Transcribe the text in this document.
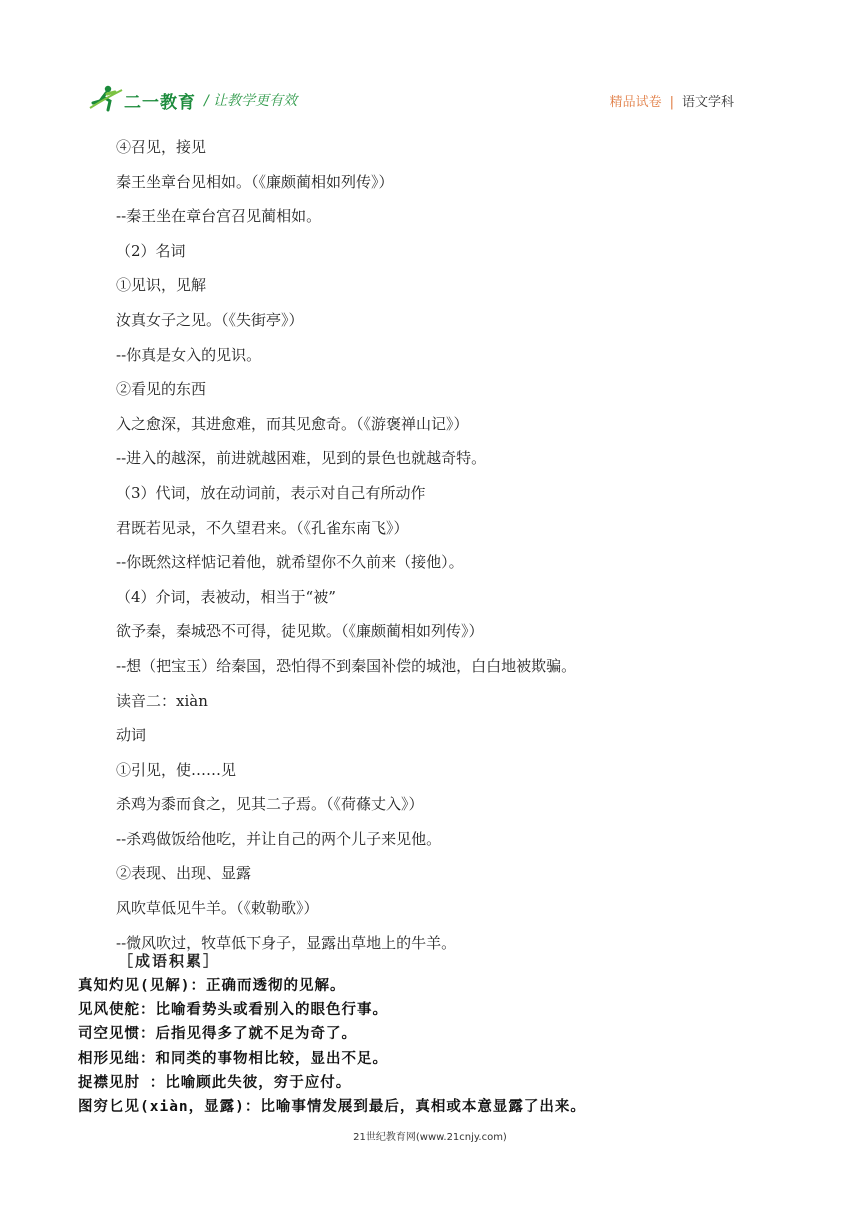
二一教育 / 让教学更有效	精品试卷 | 语文学科
④召见，接见
秦王坐章台见相如。（《廉颇蔺相如列传》）
--秦王坐在章台宫召见蔺相如。
（2）名词
①见识，见解
汝真女子之见。（《失街亭》）
--你真是女入的见识。
②看见的东西
入之愈深，其进愈难，而其见愈奇。（《游褒禅山记》）
--进入的越深，前进就越困难，见到的景色也就越奇特。
（3）代词，放在动词前，表示对自己有所动作
君既若见录，不久望君来。（《孔雀东南飞》）
--你既然这样惦记着他，就希望你不久前来（接他）。
（4）介词，表被动，相当于“被”
欲予秦，秦城恐不可得，徒见欺。（《廉颇蔺相如列传》）
--想（把宝玉）给秦国，恐怕得不到秦国补偿的城池，白白地被欺骗。
读音二：xiàn
动词
①引见，使……见
杀鸡为黍而食之，见其二子焉。（《荷蓧丈入》）
--杀鸡做饭给他吃，并让自己的两个儿子来见他。
②表现、出现、显露
风吹草低见牛羊。（《敕勒歌》）
--微风吹过，牧草低下身子，显露出草地上的牛羊。
［成语积累］
真知灼见(见解)：正确而透彻的见解。
见风使舵：比喻看势头或看别入的眼色行事。
司空见惯：后指见得多了就不足为奇了。
相形见绌：和同类的事物相比较，显出不足。
捉襟见肘 ：比喻顾此失彼，穷于应付。
图穷匕见(xiàn，显露)：比喻事情发展到最后，真相或本意显露了出来。
21世纪教育网(www.21cnjy.com)
